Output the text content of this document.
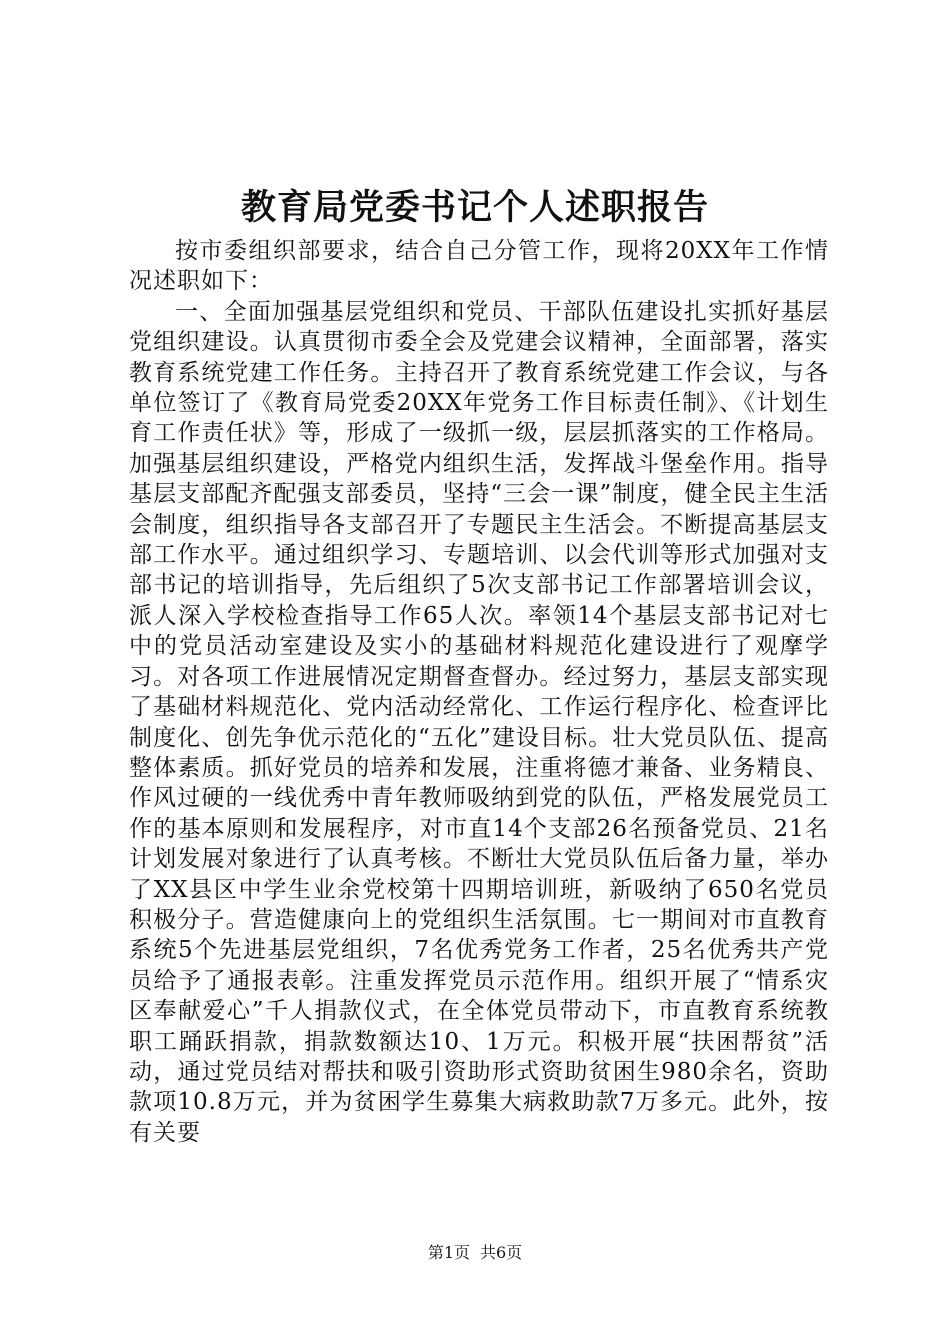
教育局党委书记个人述职报告

按市委组织部要求，结合自己分管工作，现将20XX年工作情况述职如下：

一、全面加强基层党组织和党员、干部队伍建设扎实抓好基层党组织建设。认真贯彻市委全会及党建会议精神，全面部署，落实教育系统党建工作任务。主持召开了教育系统党建工作会议，与各单位签订了《教育局党委20XX年党务工作目标责任制》、《计划生育工作责任状》等，形成了一级抓一级，层层抓落实的工作格局。加强基层组织建设，严格党内组织生活，发挥战斗堡垒作用。指导基层支部配齐配强支部委员，坚持“三会一课”制度，健全民主生活会制度，组织指导各支部召开了专题民主生活会。不断提高基层支部工作水平。通过组织学习、专题培训、以会代训等形式加强对支部书记的培训指导，先后组织了5次支部书记工作部署培训会议，派人深入学校检查指导工作65人次。率领14个基层支部书记对七中的党员活动室建设及实小的基础材料规范化建设进行了观摩学习。对各项工作进展情况定期督查督办。经过努力，基层支部实现了基础材料规范化、党内活动经常化、工作运行程序化、检查评比制度化、创先争优示范化的“五化”建设目标。壮大党员队伍、提高整体素质。抓好党员的培养和发展，注重将德才兼备、业务精良、作风过硬的一线优秀中青年教师吸纳到党的队伍，严格发展党员工作的基本原则和发展程序，对市直14个支部26名预备党员、21名计划发展对象进行了认真考核。不断壮大党员队伍后备力量，举办了XX县区中学生业余党校第十四期培训班，新吸纳了650名党员积极分子。营造健康向上的党组织生活氛围。七一期间对市直教育系统5个先进基层党组织，7名优秀党务工作者，25名优秀共产党员给予了通报表彰。注重发挥党员示范作用。组织开展了“情系灾区奉献爱心”千人捐款仪式，在全体党员带动下，市直教育系统教职工踊跃捐款，捐款数额达10、1万元。积极开展“扶困帮贫”活动，通过党员结对帮扶和吸引资助形式资助贫困生980余名，资助款项10.8万元，并为贫困学生募集大病救助款7万多元。此外，按有关要

第1页 共6页
